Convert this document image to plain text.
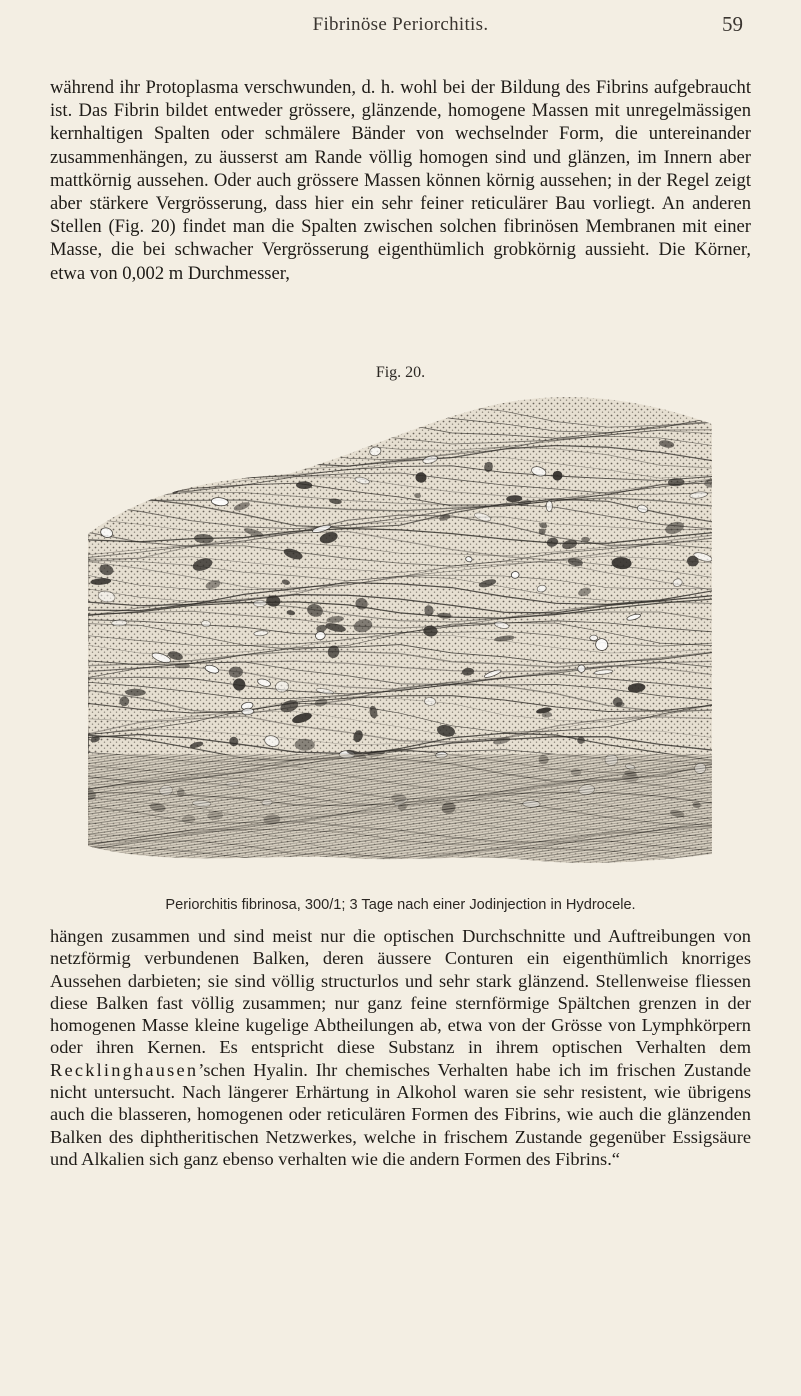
Fibrinöse Periorchitis.	59

während ihr Protoplasma verschwunden, d. h. wohl bei der Bildung des Fibrins aufgebraucht ist. Das Fibrin bildet entweder grössere, glänzende, homogene Massen mit unregelmässigen kernhaltigen Spalten oder schmälere Bänder von wechselnder Form, die untereinander zusammenhängen, zu äusserst am Rande völlig homogen sind und glänzen, im Innern aber mattkörnig aussehen. Oder auch grössere Massen können körnig aussehen; in der Regel zeigt aber stärkere Vergrösserung, dass hier ein sehr feiner reticulärer Bau vorliegt. An anderen Stellen (Fig. 20) findet man die Spalten zwischen solchen fibrinösen Membranen mit einer Masse, die bei schwacher Vergrösserung eigenthümlich grobkörnig aussieht. Die Körner, etwa von 0,002 m Durchmesser,

Fig. 20.
Periorchitis fibrinosa, 300/1; 3 Tage nach einer Jodinjection in Hydrocele.

hängen zusammen und sind meist nur die optischen Durchschnitte und Auftreibungen von netzförmig verbundenen Balken, deren äussere Conturen ein eigenthümlich knorriges Aussehen darbieten; sie sind völlig structurlos und sehr stark glänzend. Stellenweise fliessen diese Balken fast völlig zusammen; nur ganz feine sternförmige Spältchen grenzen in der homogenen Masse kleine kugelige Abtheilungen ab, etwa von der Grösse von Lymphkörpern oder ihren Kernen. Es entspricht diese Substanz in ihrem optischen Verhalten dem Recklinghausen’schen Hyalin. Ihr chemisches Verhalten habe ich im frischen Zustande nicht untersucht. Nach längerer Erhärtung in Alkohol waren sie sehr resistent, wie übrigens auch die blasseren, homogenen oder reticulären Formen des Fibrins, wie auch die glänzenden Balken des diphtheritischen Netzwerkes, welche in frischem Zustande gegenüber Essigsäure und Alkalien sich ganz ebenso verhalten wie die andern Formen des Fibrins.“
